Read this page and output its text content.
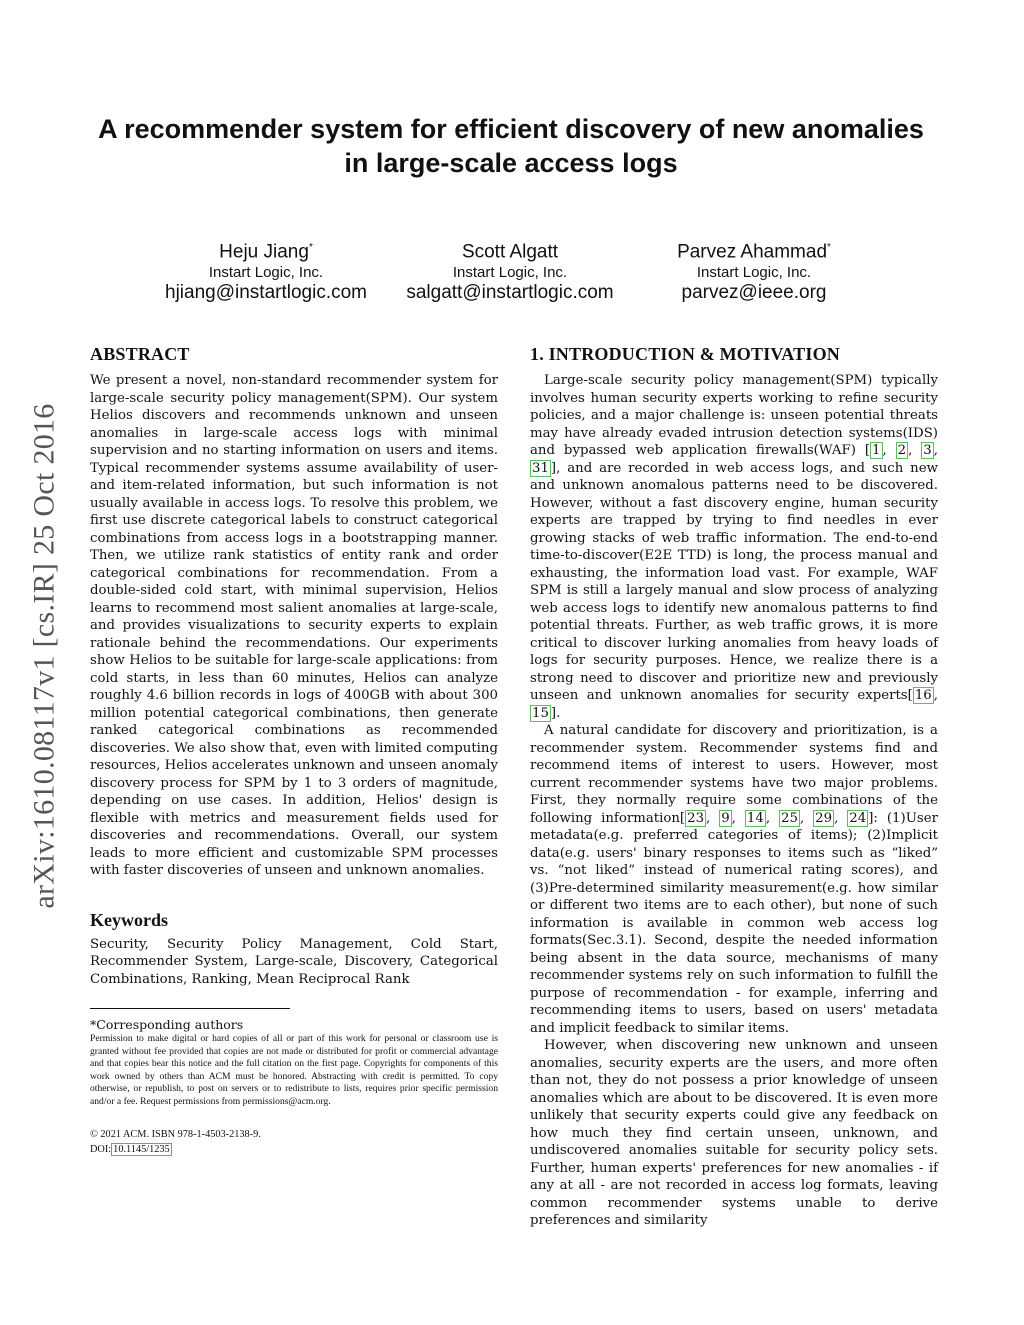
arXiv:1610.08117v1 [cs.IR] 25 Oct 2016
A recommender system for efficient discovery of new anomalies in large-scale access logs
Heju Jiang*
Instart Logic, Inc.
hjiang@instartlogic.com
Scott Algatt
Instart Logic, Inc.
salgatt@instartlogic.com
Parvez Ahammad*
Instart Logic, Inc.
parvez@ieee.org
ABSTRACT

We present a novel, non-standard recommender system for large-scale security policy management(SPM). Our system Helios discovers and recommends unknown and unseen anomalies in large-scale access logs with minimal supervision and no starting information on users and items. Typical recommender systems assume availability of user- and item-related information, but such information is not usually available in access logs. To resolve this problem, we first use discrete categorical labels to construct categorical combinations from access logs in a bootstrapping manner. Then, we utilize rank statistics of entity rank and order categorical combinations for recommendation. From a double-sided cold start, with minimal supervision, Helios learns to recommend most salient anomalies at large-scale, and provides visualizations to security experts to explain rationale behind the recommendations. Our experiments show Helios to be suitable for large-scale applications: from cold starts, in less than 60 minutes, Helios can analyze roughly 4.6 billion records in logs of 400GB with about 300 million potential categorical combinations, then generate ranked categorical combinations as recommended discoveries. We also show that, even with limited computing resources, Helios accelerates unknown and unseen anomaly discovery process for SPM by 1 to 3 orders of magnitude, depending on use cases. In addition, Helios' design is flexible with metrics and measurement fields used for discoveries and recommendations. Overall, our system leads to more efficient and customizable SPM processes with faster discoveries of unseen and unknown anomalies.

Keywords

Security, Security Policy Management, Cold Start, Recommender System, Large-scale, Discovery, Categorical Combinations, Ranking, Mean Reciprocal Rank

*Corresponding authors

Permission to make digital or hard copies of all or part of this work for personal or classroom use is granted without fee provided that copies are not made or distributed for profit or commercial advantage and that copies bear this notice and the full citation on the first page. Copyrights for components of this work owned by others than ACM must be honored. Abstracting with credit is permitted. To copy otherwise, or republish, to post on servers or to redistribute to lists, requires prior specific permission and/or a fee. Request permissions from permissions@acm.org.

© 2021 ACM. ISBN 978-1-4503-2138-9.
DOI: 10.1145/1235
1. INTRODUCTION & MOTIVATION

Large-scale security policy management(SPM) typically involves human security experts working to refine security policies, and a major challenge is: unseen potential threats may have already evaded intrusion detection systems(IDS) and bypassed web application firewalls(WAF) [ 1 , 2 , 3 , 31 ], and are recorded in web access logs, and such new and unknown anomalous patterns need to be discovered. However, without a fast discovery engine, human security experts are trapped by trying to find needles in ever growing stacks of web traffic information. The end-to-end time-to-discover(E2E TTD) is long, the process manual and exhausting, the information load vast. For example, WAF SPM is still a largely manual and slow process of analyzing web access logs to identify new anomalous patterns to find potential threats. Further, as web traffic grows, it is more critical to discover lurking anomalies from heavy loads of logs for security purposes. Hence, we realize there is a strong need to discover and prioritize new and previously unseen and unknown anomalies for security experts[ 16 , 15 ].

A natural candidate for discovery and prioritization, is a recommender system. Recommender systems find and recommend items of interest to users. However, most current recommender systems have two major problems. First, they normally require some combinations of the following information[ 23 , 9 , 14 , 25 , 29 , 24 ]: (1)User metadata(e.g. preferred categories of items); (2)Implicit data(e.g. users' binary responses to items such as “liked” vs. “not liked” instead of numerical rating scores), and (3)Pre-determined similarity measurement(e.g. how similar or different two items are to each other), but none of such information is available in common web access log formats(Sec.3.1). Second, despite the needed information being absent in the data source, mechanisms of many recommender systems rely on such information to fulfill the purpose of recommendation - for example, inferring and recommending items to users, based on users' metadata and implicit feedback to similar items.

However, when discovering new unknown and unseen anomalies, security experts are the users, and more often than not, they do not possess a prior knowledge of unseen anomalies which are about to be discovered. It is even more unlikely that security experts could give any feedback on how much they find certain unseen, unknown, and undiscovered anomalies suitable for security policy sets. Further, human experts' preferences for new anomalies - if any at all - are not recorded in access log formats, leaving common recommender systems unable to derive preferences and similarity
